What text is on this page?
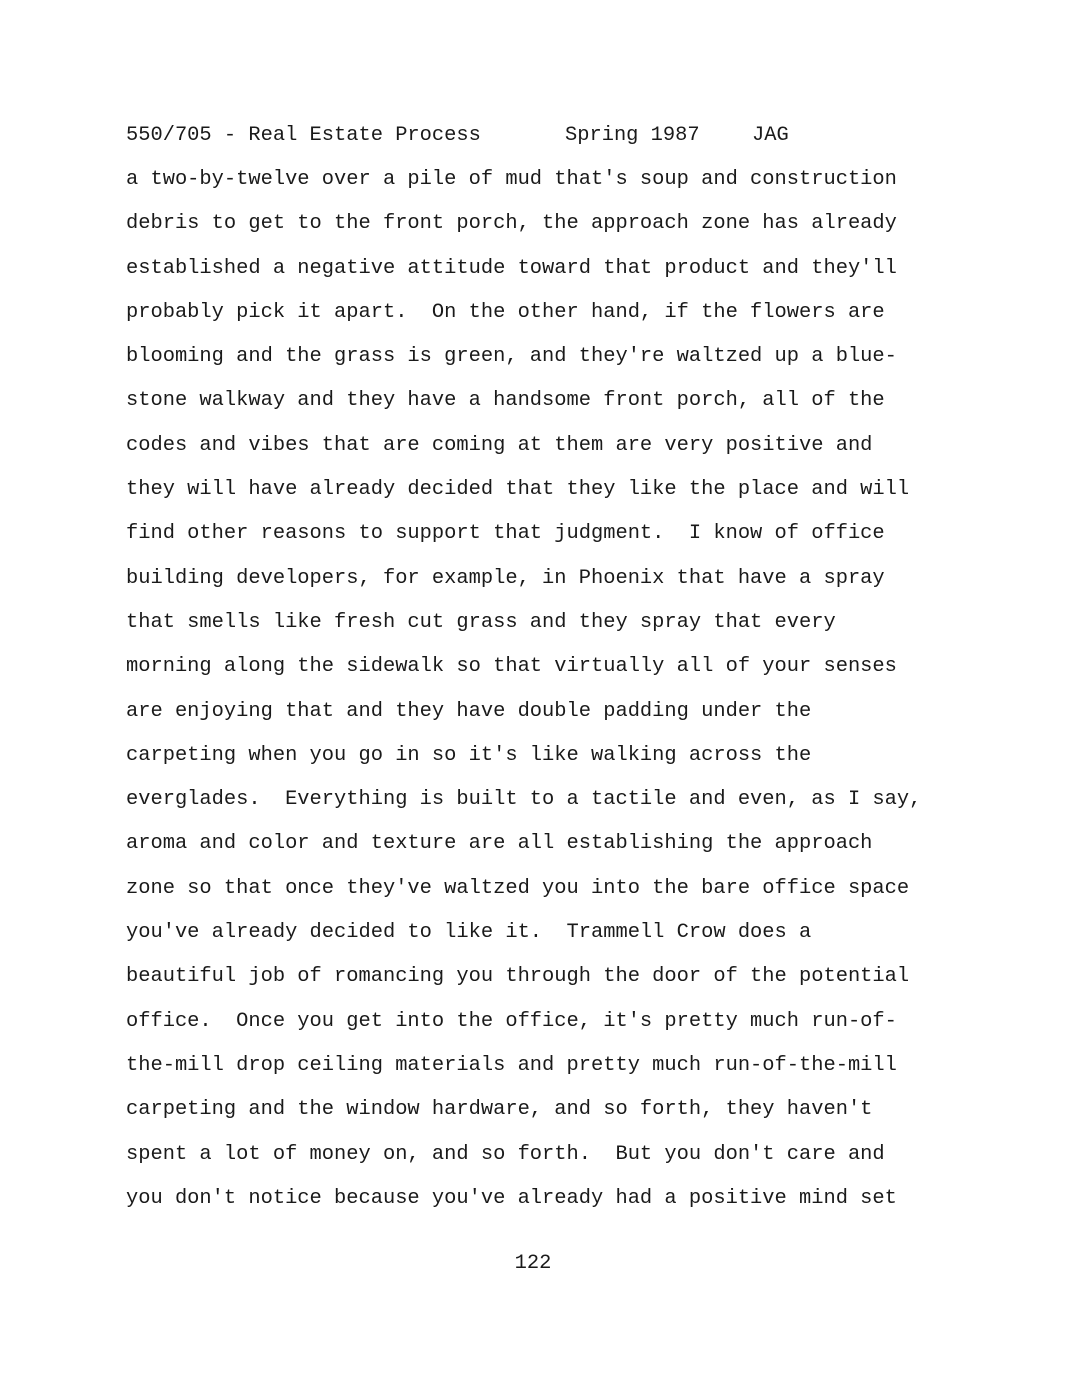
550/705 - Real Estate Process

	Spring 1987

	JAG

a two-by-twelve over a pile of mud that's soup and construction
debris to get to the front porch, the approach zone has already
established a negative attitude toward that product and they'll
probably pick it apart.  On the other hand, if the flowers are
blooming and the grass is green, and they're waltzed up a blue-
stone walkway and they have a handsome front porch, all of the
codes and vibes that are coming at them are very positive and
they will have already decided that they like the place and will
find other reasons to support that judgment.  I know of office
building developers, for example, in Phoenix that have a spray
that smells like fresh cut grass and they spray that every
morning along the sidewalk so that virtually all of your senses
are enjoying that and they have double padding under the
carpeting when you go in so it's like walking across the
everglades.  Everything is built to a tactile and even, as I say,
aroma and color and texture are all establishing the approach
zone so that once they've waltzed you into the bare office space
you've already decided to like it.  Trammell Crow does a
beautiful job of romancing you through the door of the potential
office.  Once you get into the office, it's pretty much run-of-
the-mill drop ceiling materials and pretty much run-of-the-mill
carpeting and the window hardware, and so forth, they haven't
spent a lot of money on, and so forth.  But you don't care and
you don't notice because you've already had a positive mind set
122
